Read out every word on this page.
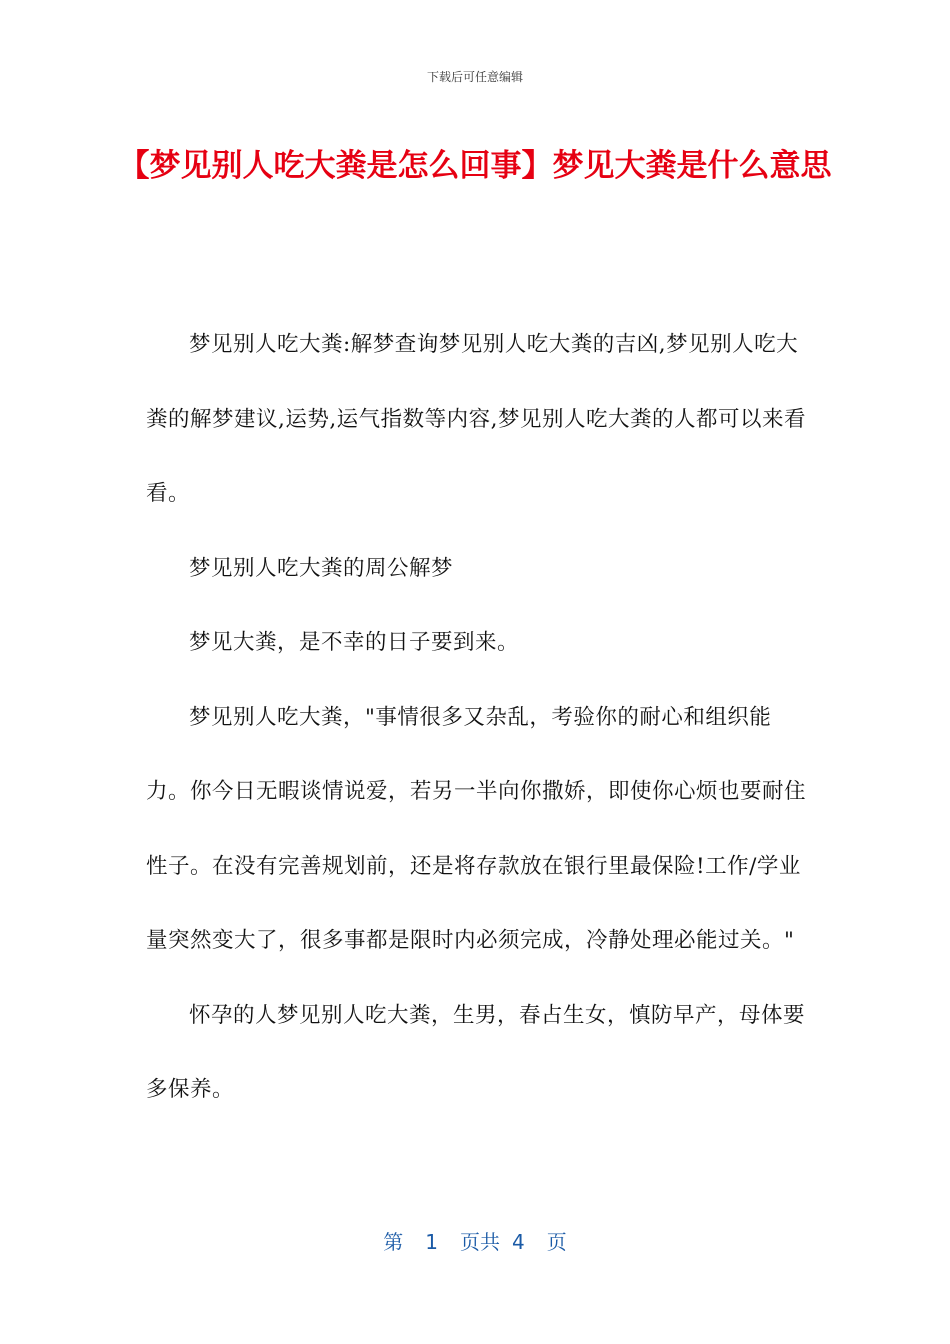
下载后可任意编辑
【梦见别人吃大粪是怎么回事】梦见大粪是什么意思

梦见别人吃大粪:解梦查询梦见别人吃大粪的吉凶,梦见别人吃大粪的解梦建议,运势,运气指数等内容,梦见别人吃大粪的人都可以来看看。

梦见别人吃大粪的周公解梦

梦见大粪，是不幸的日子要到来。

梦见别人吃大粪，"事情很多又杂乱，考验你的耐心和组织能力。你今日无暇谈情说爱，若另一半向你撒娇，即使你心烦也要耐住性子。在没有完善规划前，还是将存款放在银行里最保险!工作/学业量突然变大了，很多事都是限时内必须完成，冷静处理必能过关。"

怀孕的人梦见别人吃大粪，生男，春占生女，慎防早产，母体要多保养。

第 1 页共 4 页
